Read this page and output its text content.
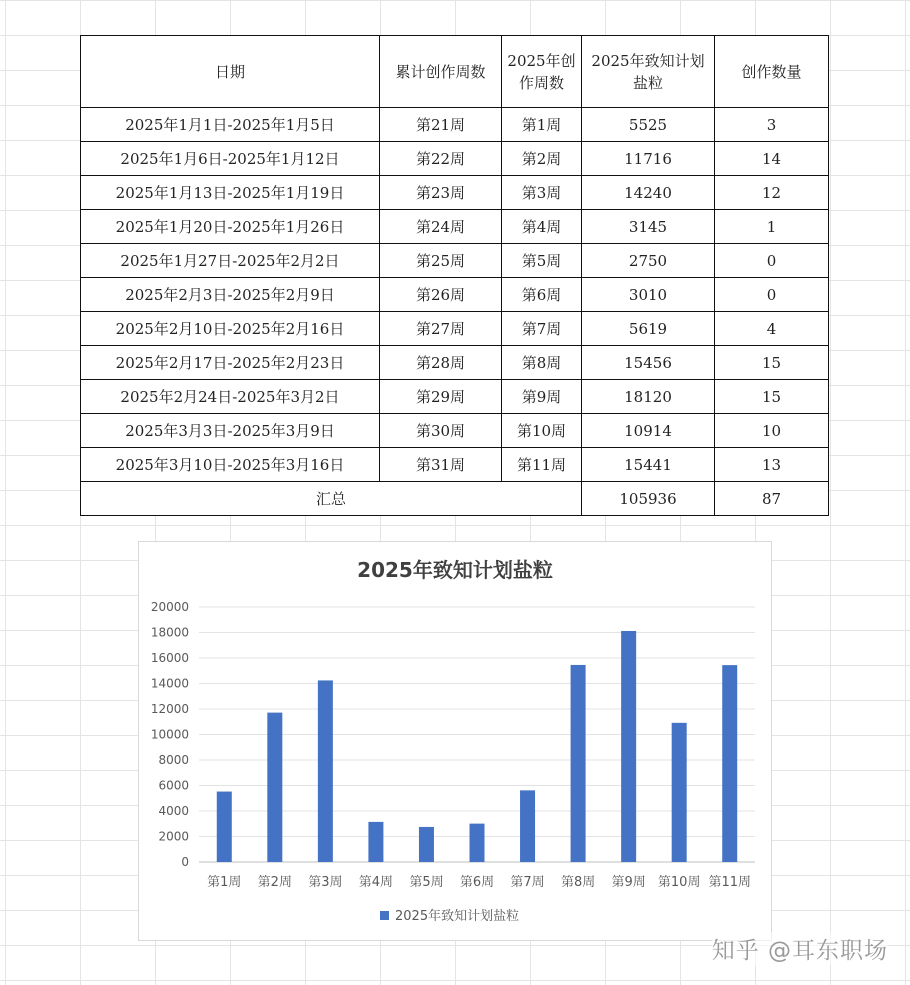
日期	累计创作周数	2025年创作周数	2025年致知计划盐粒	创作数量
2025年1月1日-2025年1月5日	第21周	第1周	5525	3
2025年1月6日-2025年1月12日	第22周	第2周	11716	14
2025年1月13日-2025年1月19日	第23周	第3周	14240	12
2025年1月20日-2025年1月26日	第24周	第4周	3145	1
2025年1月27日-2025年2月2日	第25周	第5周	2750	0
2025年2月3日-2025年2月9日	第26周	第6周	3010	0
2025年2月10日-2025年2月16日	第27周	第7周	5619	4
2025年2月17日-2025年2月23日	第28周	第8周	15456	15
2025年2月24日-2025年3月2日	第29周	第9周	18120	15
2025年3月3日-2025年3月9日	第30周	第10周	10914	10
2025年3月10日-2025年3月16日	第31周	第11周	15441	13
汇总			105936	87
2025年致知计划盐粒
0
2000
4000
6000
8000
10000
12000
14000
16000
18000
20000
第1周 第2周 第3周 第4周 第5周 第6周 第7周 第8周 第9周 第10周 第11周
2025年致知计划盐粒
知乎 @耳东职场
